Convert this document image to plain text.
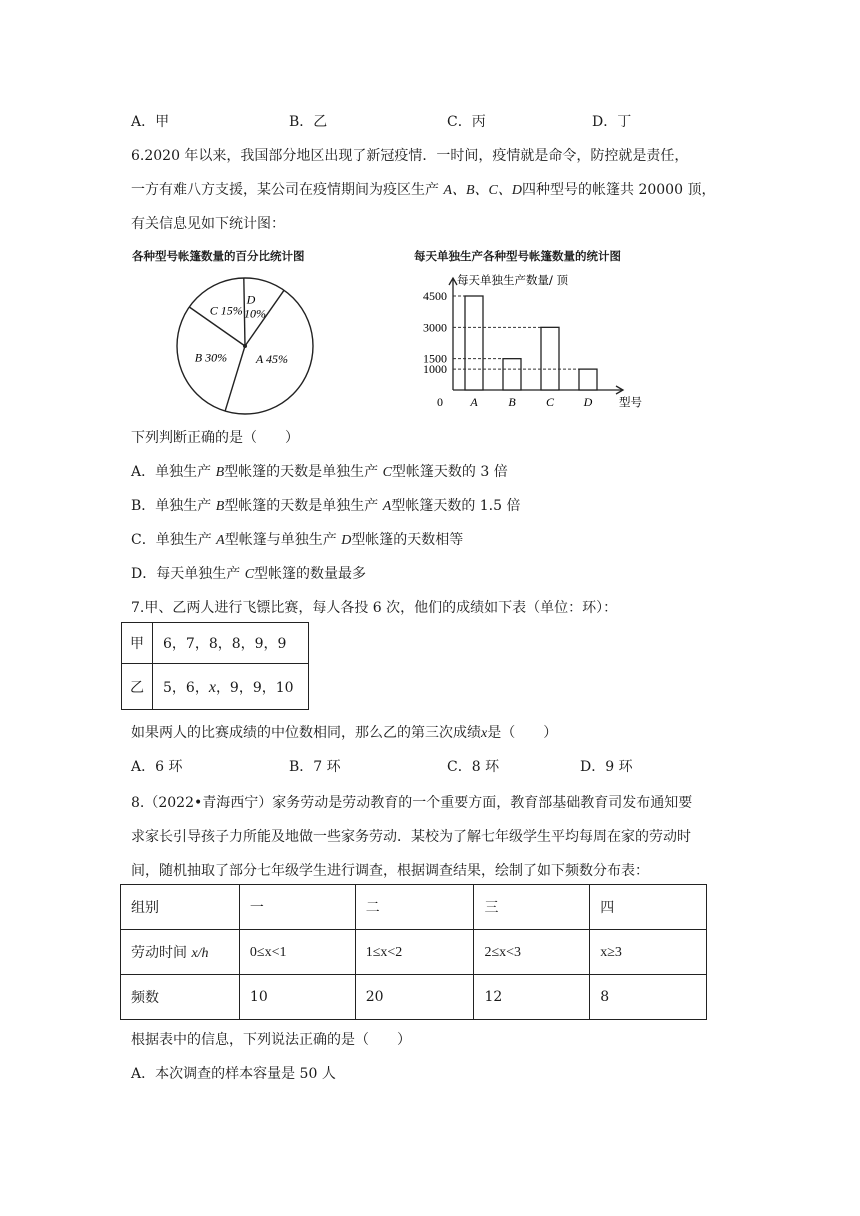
A．甲	B．乙	C．丙	D．丁
6.2020 年以来，我国部分地区出现了新冠疫情．一时间，疫情就是命令，防控就是责任，
一方有难八方支援，某公司在疫情期间为疫区生产 A、B、C、D四种型号的帐篷共 20000 顶，
有关信息见如下统计图：
各种型号帐篷数量的百分比统计图	每天单独生产各种型号帐篷数量的统计图
A 45%
B 30%
C 15% 10%
D
每天单独生产数量/ 顶
型号
0
4500
3000
1500
1000
A	B	C D
下列判断正确的是（　　）
A．单独生产 B型帐篷的天数是单独生产 C型帐篷天数的 3 倍
B．单独生产 B型帐篷的天数是单独生产 A型帐篷天数的 1.5 倍
C．单独生产 A型帐篷与单独生产 D型帐篷的天数相等
D．每天单独生产 C型帐篷的数量最多
7.甲、乙两人进行飞镖比赛，每人各投 6 次，他们的成绩如下表（单位：环）：
甲	6，7，8，8，9，9
乙	5，6，x，9，9，10
如果两人的比赛成绩的中位数相同，那么乙的第三次成绩x是（　　）
A．6 环	B．7 环	C．8 环	D．9 环
8.（2022•青海西宁）家务劳动是劳动教育的一个重要方面，教育部基础教育司发布通知要
求家长引导孩子力所能及地做一些家务劳动．某校为了解七年级学生平均每周在家的劳动时
间，随机抽取了部分七年级学生进行调查，根据调查结果，绘制了如下频数分布表：
组别	一	二	三	四
劳动时间 x/h	0≤x<1	1≤x<2	2≤x<3	x≥3
频数	10	20	12	8
根据表中的信息，下列说法正确的是（　　）
A．本次调查的样本容量是 50 人
